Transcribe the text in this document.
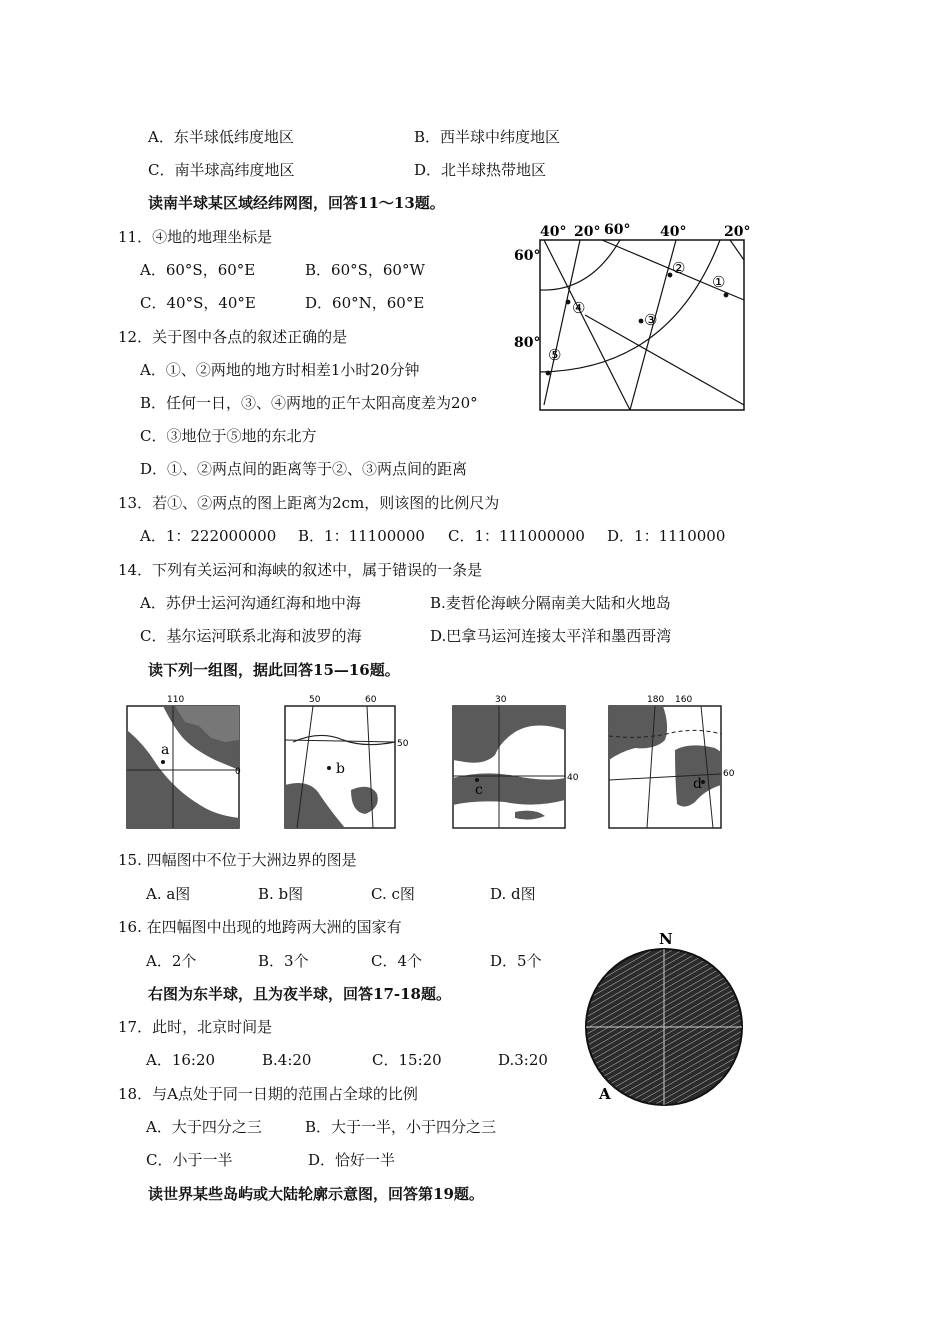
A．东半球低纬度地区	B．西半球中纬度地区
C．南半球高纬度地区	D．北半球热带地区
读南半球某区域经纬网图，回答11～13题。
11．④地的地理坐标是
A．60°S，60°E	B．60°S，60°W
C．40°S，40°E	D．60°N，60°E
12．关于图中各点的叙述正确的是
A．①、②两地的地方时相差1小时20分钟
B．任何一日，③、④两地的正午太阳高度差为20°
C．③地位于⑤地的东北方
D．①、②两点间的距离等于②、③两点间的距离
13．若①、②两点的图上距离为2cm，则该图的比例尺为
A．1：222000000 B．1：11100000 C．1：111000000 D．1：1110000
14．下列有关运河和海峡的叙述中，属于错误的一条是
A．苏伊士运河沟通红海和地中海	B.麦哲伦海峡分隔南美大陆和火地岛
C．基尔运河联系北海和波罗的海	D.巴拿马运河连接太平洋和墨西哥湾
读下列一组图，据此回答15—16题。
40° 20° 60° 40°	20°
60°
80°
①
②
③
④
⑤
a
110
0	b
50	60
50
c
30
40	d
180 160
60
15. 四幅图中不位于大洲边界的图是
A. a图	B. b图	C. c图	D. d图
16. 在四幅图中出现的地跨两大洲的国家有
A．2个	B．3个	C．4个	D．5个
右图为东半球，且为夜半球，回答17-18题。
17．此时，北京时间是
A．16:20	B.4:20	C．15:20	D.3:20
18．与A点处于同一日期的范围占全球的比例
A．大于四分之三	B．大于一半，小于四分之三
C．小于一半	D．恰好一半
读世界某些岛屿或大陆轮廓示意图，回答第19题。
N
A
